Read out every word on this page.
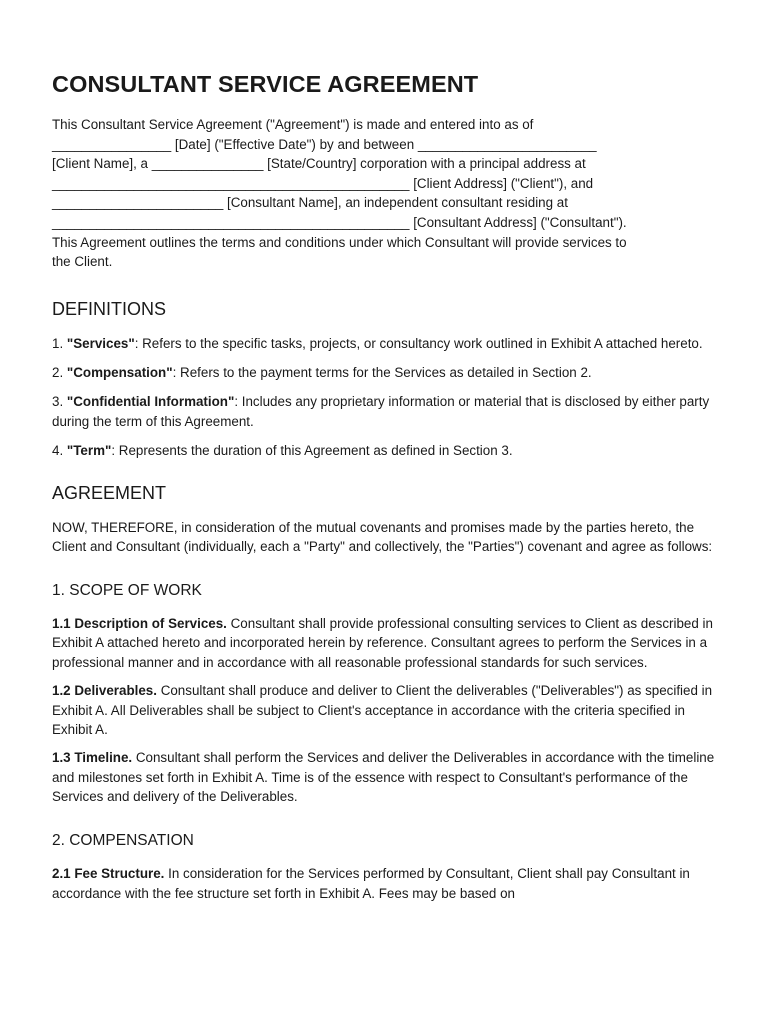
CONSULTANT SERVICE AGREEMENT

This Consultant Service Agreement ("Agreement") is made and entered into as of
________________ [Date] ("Effective Date") by and between ________________________
[Client Name], a _______________ [State/Country] corporation with a principal address at
________________________________________________ [Client Address] ("Client"), and
_______________________ [Consultant Name], an independent consultant residing at
________________________________________________ [Consultant Address] ("Consultant").
This Agreement outlines the terms and conditions under which Consultant will provide services to
the Client.

DEFINITIONS

1. "Services": Refers to the specific tasks, projects, or consultancy work outlined in Exhibit A attached hereto.

2. "Compensation": Refers to the payment terms for the Services as detailed in Section 2.

3. "Confidential Information": Includes any proprietary information or material that is disclosed by either party during the term of this Agreement.

4. "Term": Represents the duration of this Agreement as defined in Section 3.

AGREEMENT

NOW, THEREFORE, in consideration of the mutual covenants and promises made by the parties hereto, the Client and Consultant (individually, each a "Party" and collectively, the "Parties") covenant and agree as follows:

1. SCOPE OF WORK

1.1 Description of Services. Consultant shall provide professional consulting services to Client as described in Exhibit A attached hereto and incorporated herein by reference. Consultant agrees to perform the Services in a professional manner and in accordance with all reasonable professional standards for such services.

1.2 Deliverables. Consultant shall produce and deliver to Client the deliverables ("Deliverables") as specified in Exhibit A. All Deliverables shall be subject to Client's acceptance in accordance with the criteria specified in Exhibit A.

1.3 Timeline. Consultant shall perform the Services and deliver the Deliverables in accordance with the timeline and milestones set forth in Exhibit A. Time is of the essence with respect to Consultant's performance of the Services and delivery of the Deliverables.

2. COMPENSATION

2.1 Fee Structure. In consideration for the Services performed by Consultant, Client shall pay Consultant in accordance with the fee structure set forth in Exhibit A. Fees may be based on
